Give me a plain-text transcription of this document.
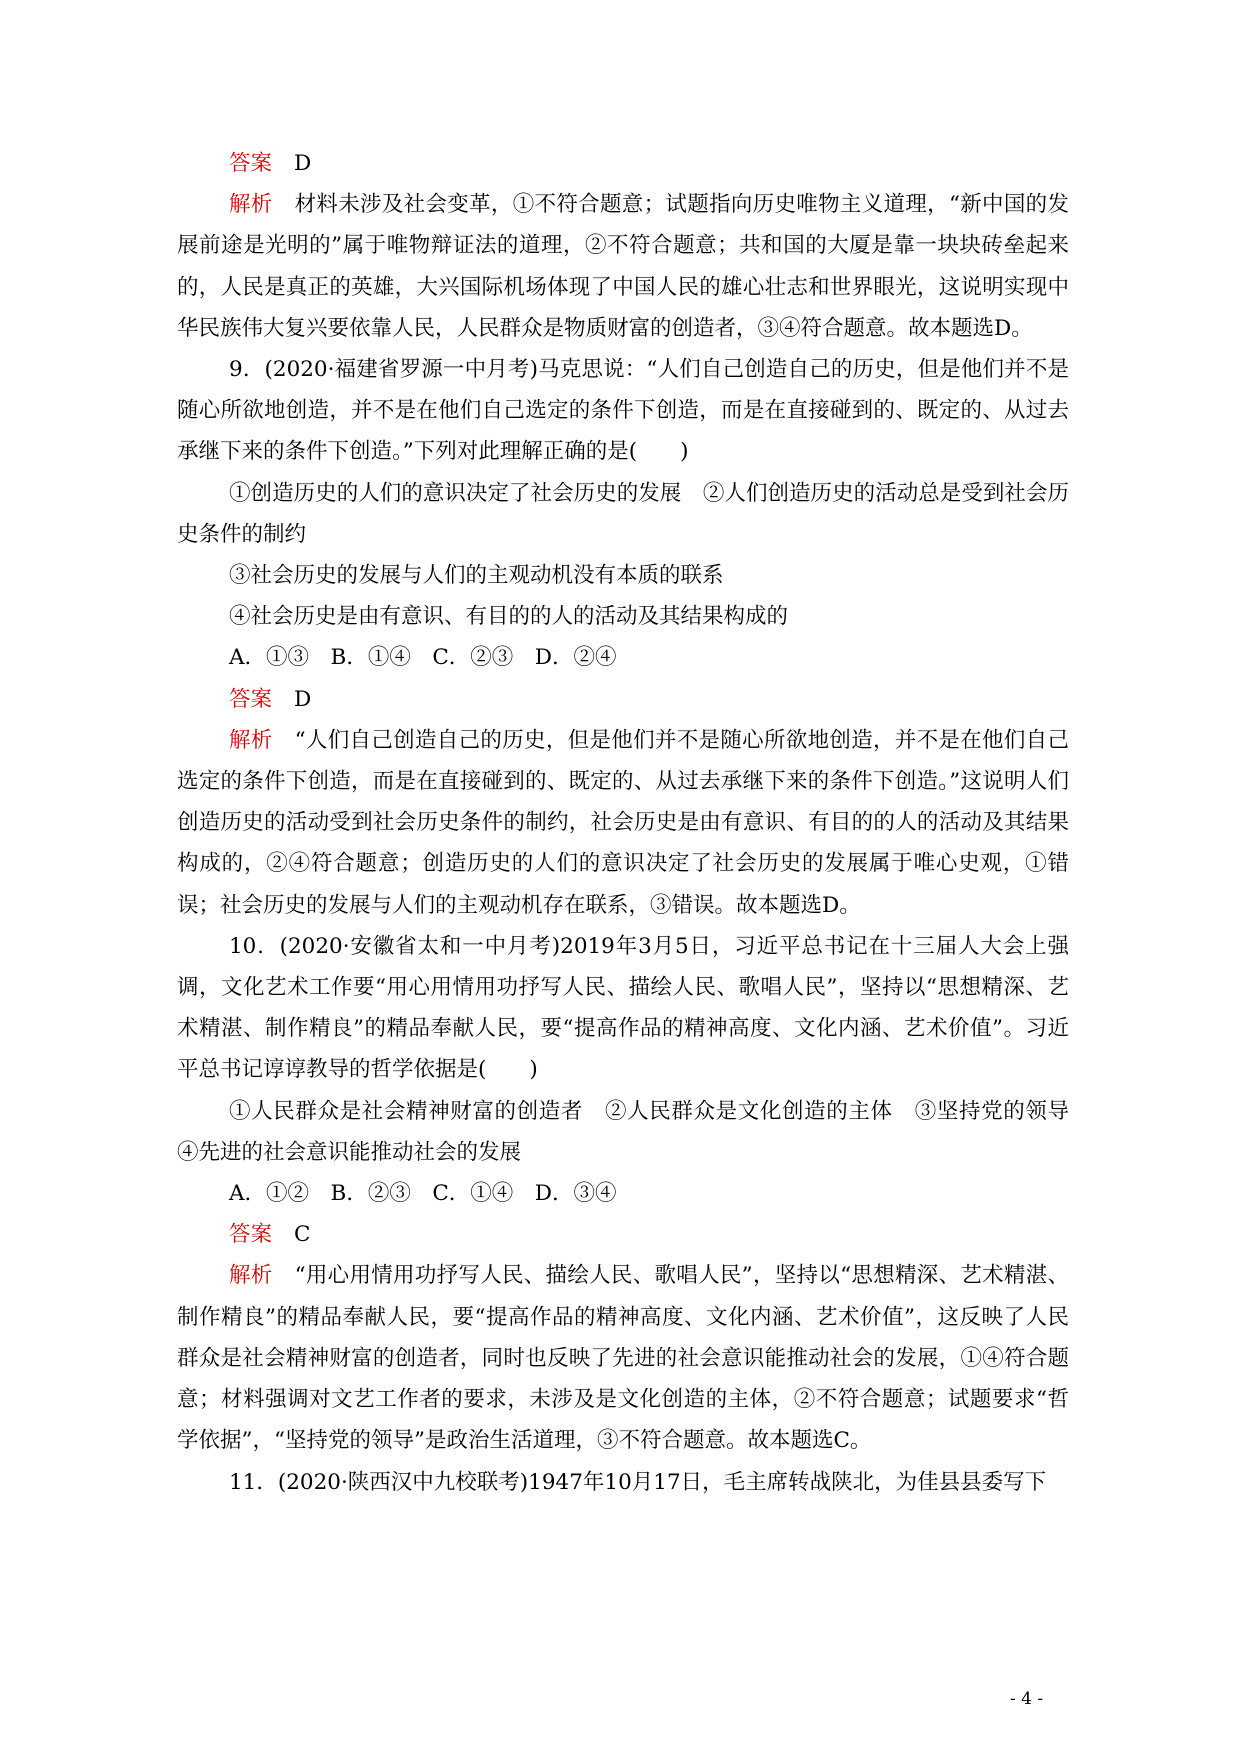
答案 D

解析 材料未涉及社会变革，①不符合题意；试题指向历史唯物主义道理，“新中国的发展前途是光明的”属于唯物辩证法的道理，②不符合题意；共和国的大厦是靠一块块砖垒起来的，人民是真正的英雄，大兴国际机场体现了中国人民的雄心壮志和世界眼光，这说明实现中华民族伟大复兴要依靠人民，人民群众是物质财富的创造者，③④符合题意。故本题选D。

9．(2020·福建省罗源一中月考)马克思说：“人们自己创造自己的历史，但是他们并不是随心所欲地创造，并不是在他们自己选定的条件下创造，而是在直接碰到的、既定的、从过去承继下来的条件下创造。”下列对此理解正确的是(　　)

①创造历史的人们的意识决定了社会历史的发展　②人们创造历史的活动总是受到社会历史条件的制约

③社会历史的发展与人们的主观动机没有本质的联系

④社会历史是由有意识、有目的的人的活动及其结果构成的

A．①③　B．①④　C．②③　D．②④

答案 D

解析 “人们自己创造自己的历史，但是他们并不是随心所欲地创造，并不是在他们自己选定的条件下创造，而是在直接碰到的、既定的、从过去承继下来的条件下创造。”这说明人们创造历史的活动受到社会历史条件的制约，社会历史是由有意识、有目的的人的活动及其结果构成的，②④符合题意；创造历史的人们的意识决定了社会历史的发展属于唯心史观，①错误；社会历史的发展与人们的主观动机存在联系，③错误。故本题选D。

10．(2020·安徽省太和一中月考)2019年3月5日，习近平总书记在十三届人大会上强调，文化艺术工作要“用心用情用功抒写人民、描绘人民、歌唱人民”，坚持以“思想精深、艺术精湛、制作精良”的精品奉献人民，要“提高作品的精神高度、文化内涵、艺术价值”。习近平总书记谆谆教导的哲学依据是(　　)

①人民群众是社会精神财富的创造者　②人民群众是文化创造的主体　③坚持党的领导　④先进的社会意识能推动社会的发展

A．①②　B．②③　C．①④　D．③④

答案 C

解析 “用心用情用功抒写人民、描绘人民、歌唱人民”，坚持以“思想精深、艺术精湛、制作精良”的精品奉献人民，要“提高作品的精神高度、文化内涵、艺术价值”，这反映了人民群众是社会精神财富的创造者，同时也反映了先进的社会意识能推动社会的发展，①④符合题意；材料强调对文艺工作者的要求，未涉及是文化创造的主体，②不符合题意；试题要求“哲学依据”，“坚持党的领导”是政治生活道理，③不符合题意。故本题选C。

11．(2020·陕西汉中九校联考)1947年10月17日，毛主席转战陕北，为佳县县委写下

- 4 -
